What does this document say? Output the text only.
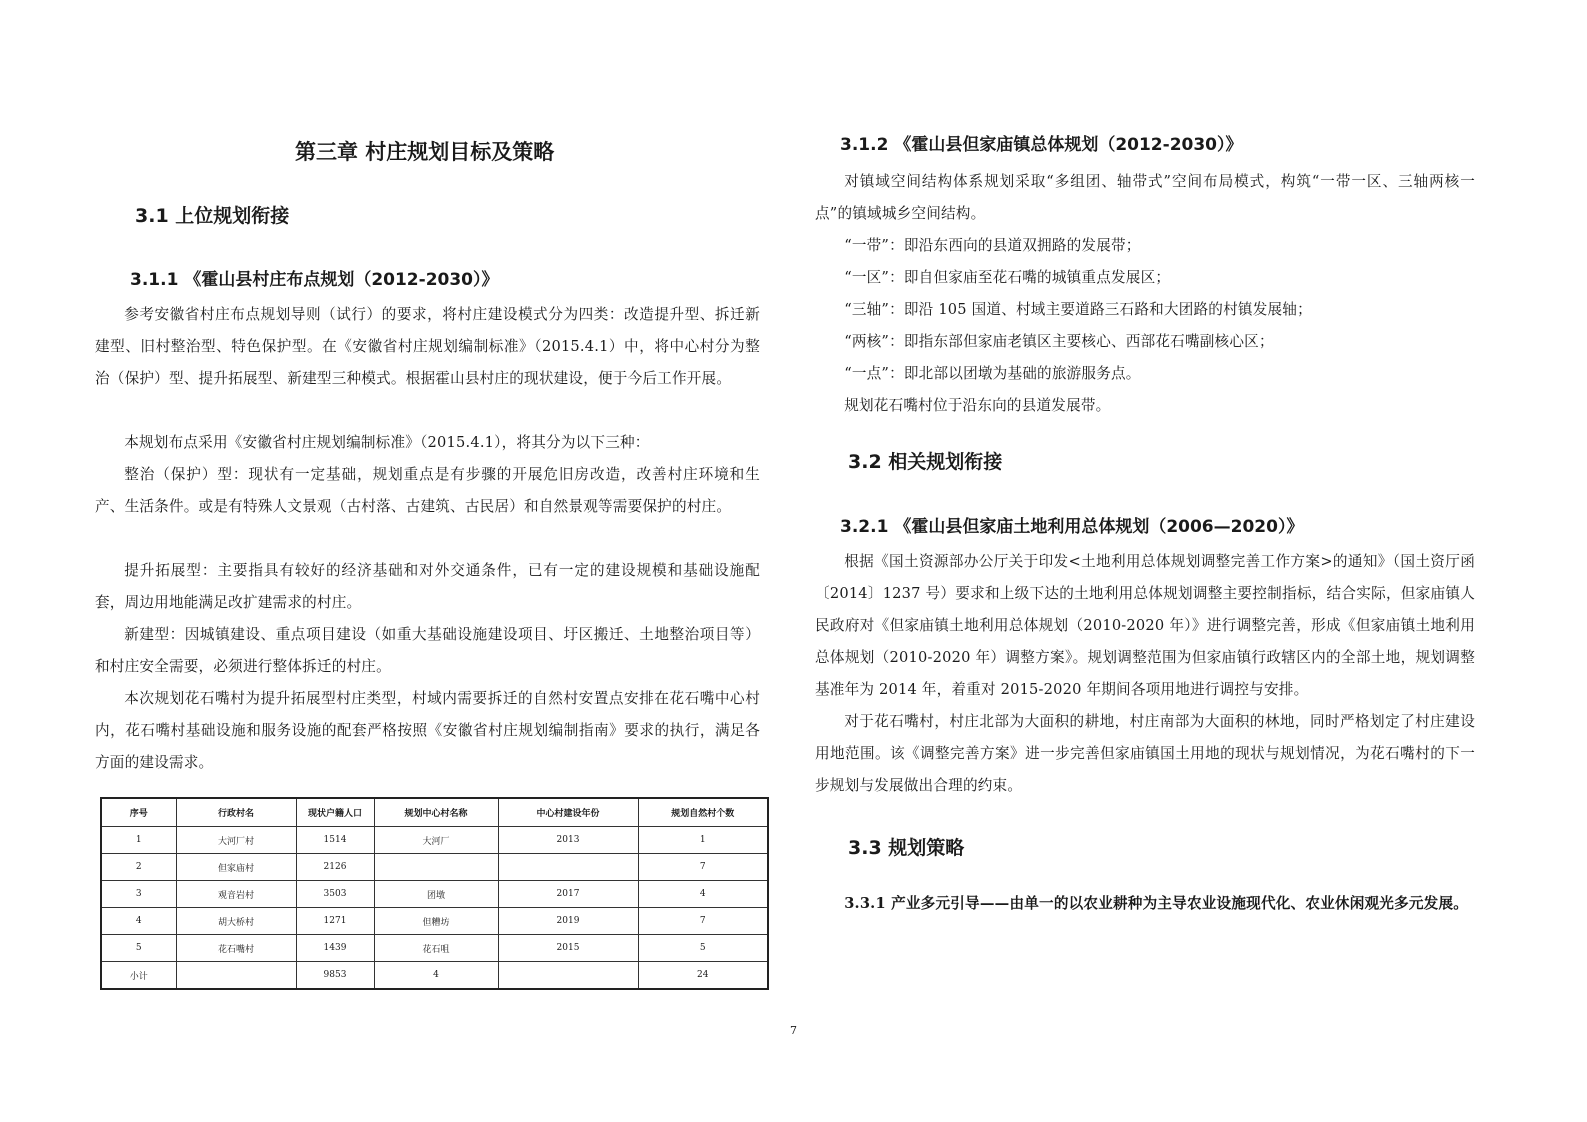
第三章 村庄规划目标及策略
3.1 上位规划衔接
3.1.1 《霍山县村庄布点规划（2012-2030）》

参考安徽省村庄布点规划导则（试行）的要求，将村庄建设模式分为四类：改造提升型、拆迁新建型、旧村整治型、特色保护型。在《安徽省村庄规划编制标准》（2015.4.1）中，将中心村分为整治（保护）型、提升拓展型、新建型三种模式。根据霍山县村庄的现状建设，便于今后工作开展。

本规划布点采用《安徽省村庄规划编制标准》（2015.4.1），将其分为以下三种：

整治（保护）型：现状有一定基础，规划重点是有步骤的开展危旧房改造，改善村庄环境和生产、生活条件。或是有特殊人文景观（古村落、古建筑、古民居）和自然景观等需要保护的村庄。

提升拓展型：主要指具有较好的经济基础和对外交通条件，已有一定的建设规模和基础设施配套，周边用地能满足改扩建需求的村庄。

新建型：因城镇建设、重点项目建设（如重大基础设施建设项目、圩区搬迁、土地整治项目等）和村庄安全需要，必须进行整体拆迁的村庄。

本次规划花石嘴村为提升拓展型村庄类型，村域内需要拆迁的自然村安置点安排在花石嘴中心村内，花石嘴村基础设施和服务设施的配套严格按照《安徽省村庄规划编制指南》要求的执行，满足各方面的建设需求。

序号	行政村名	现状户籍人口	规划中心村名称	中心村建设年份	规划自然村个数
1	大河厂村	1514	大河厂	2013	1
2	但家庙村	2126			7
3	观音岩村	3503	团墩	2017	4
4	胡大桥村	1271	但糟坊	2019	7
5	花石嘴村	1439	花石咀	2015	5
小计		9853	4		24
3.1.2 《霍山县但家庙镇总体规划（2012-2030）》

对镇域空间结构体系规划采取“多组团、轴带式”空间布局模式，构筑“一带一区、三轴两核一点”的镇域城乡空间结构。

“一带”：即沿东西向的县道双拥路的发展带；

“一区”：即自但家庙至花石嘴的城镇重点发展区；

“三轴”：即沿 105 国道、村域主要道路三石路和大团路的村镇发展轴；

“两核”：即指东部但家庙老镇区主要核心、西部花石嘴副核心区；

“一点”：即北部以团墩为基础的旅游服务点。

规划花石嘴村位于沿东向的县道发展带。

3.2 相关规划衔接
3.2.1 《霍山县但家庙土地利用总体规划（2006—2020）》

根据《国土资源部办公厅关于印发<土地利用总体规划调整完善工作方案>的通知》（国土资厅函〔2014〕1237 号）要求和上级下达的土地利用总体规划调整主要控制指标，结合实际，但家庙镇人民政府对《但家庙镇土地利用总体规划（2010-2020 年）》进行调整完善，形成《但家庙镇土地利用总体规划（2010-2020 年）调整方案》。规划调整范围为但家庙镇行政辖区内的全部土地，规划调整基准年为 2014 年，着重对 2015-2020 年期间各项用地进行调控与安排。

对于花石嘴村，村庄北部为大面积的耕地，村庄南部为大面积的林地，同时严格划定了村庄建设用地范围。该《调整完善方案》进一步完善但家庙镇国土用地的现状与规划情况，为花石嘴村的下一步规划与发展做出合理的约束。

3.3 规划策略

3.3.1 产业多元引导——由单一的以农业耕种为主导农业设施现代化、农业休闲观光多元发展。

7
